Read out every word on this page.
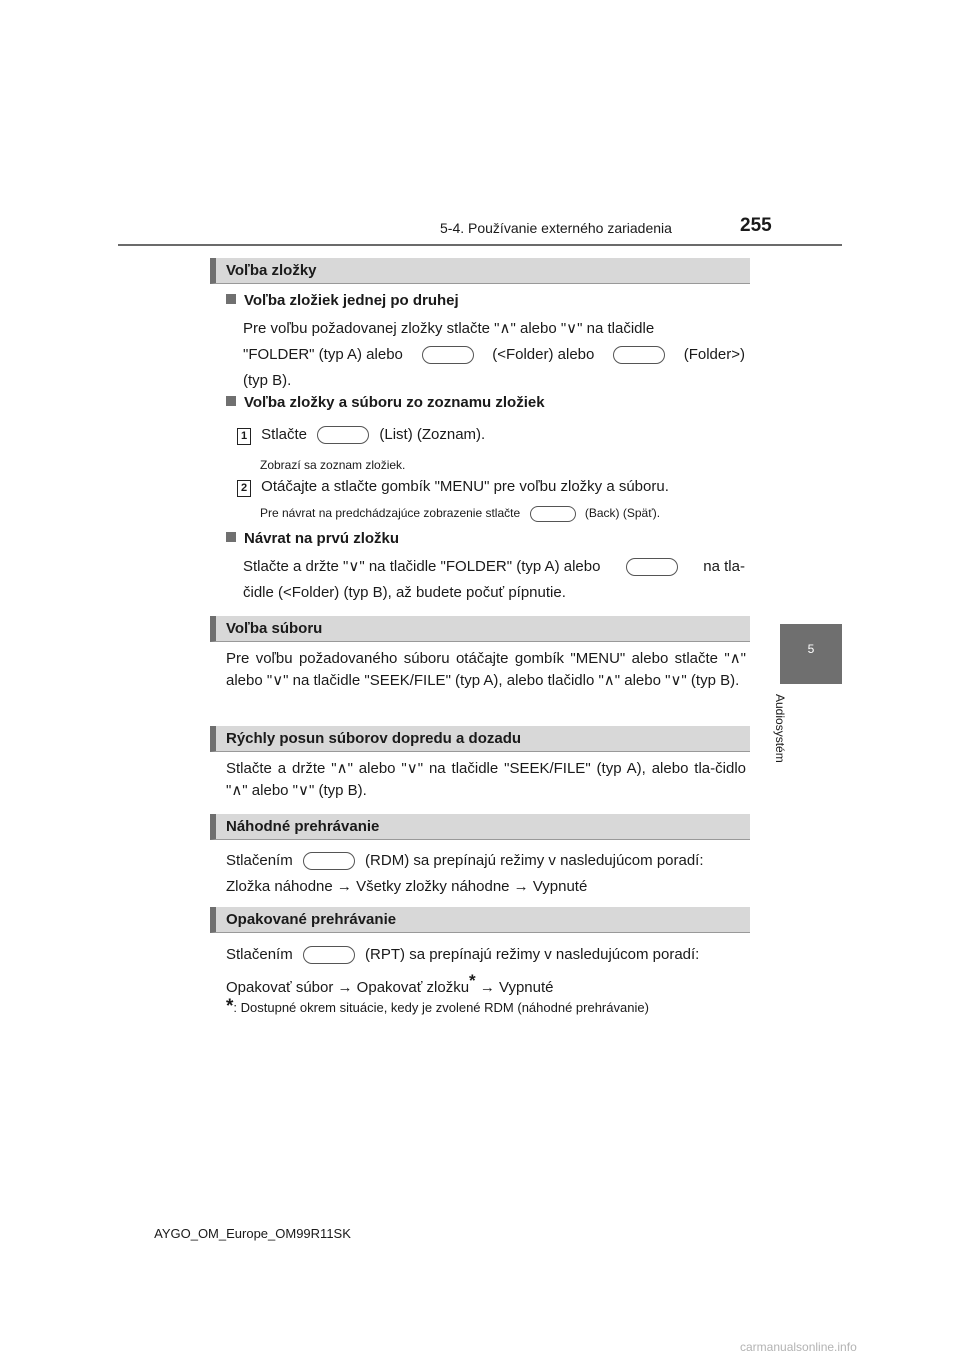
5-4. Používanie externého zariadenia	255
5
Audiosystém
Voľba zložky
Voľba zložiek jednej po druhej
Pre voľbu požadovanej zložky stlačte "∧" alebo "∨" na tlačidle
"FOLDER" (typ A) alebo	(<Folder) alebo	(Folder>)
(typ B).
Voľba zložky a súboru zo zoznamu zložiek
1 Stlačte	(List) (Zoznam).
Zobrazí sa zoznam zložiek.
2 Otáčajte a stlačte gombík "MENU" pre voľbu zložky a súboru.
Pre návrat na predchádzajúce zobrazenie stlačte	(Back) (Späť).
Návrat na prvú zložku
Stlačte a držte "∨" na tlačidle "FOLDER" (typ A) alebo	na tla-
čidle (<Folder) (typ B), až budete počuť pípnutie.
Voľba súboru
Pre voľbu požadovaného súboru otáčajte gombík "MENU" alebo stlačte "∧" alebo "∨" na tlačidle "SEEK/FILE" (typ A), alebo tlačidlo "∧" alebo "∨" (typ B).
Rýchly posun súborov dopredu a dozadu
Stlačte a držte "∧" alebo "∨" na tlačidle "SEEK/FILE" (typ A), alebo tla-čidlo "∧" alebo "∨" (typ B).
Náhodné prehrávanie
Stlačením	(RDM) sa prepínajú režimy v nasledujúcom poradí:
Zložka náhodne → Všetky zložky náhodne → Vypnuté
Opakované prehrávanie
Stlačením	(RPT) sa prepínajú režimy v nasledujúcom poradí:
Opakovať súbor → Opakovať zložku* → Vypnuté
*: Dostupné okrem situácie, kedy je zvolené RDM (náhodné prehrávanie)
AYGO_OM_Europe_OM99R11SK
carmanualsonline.info
